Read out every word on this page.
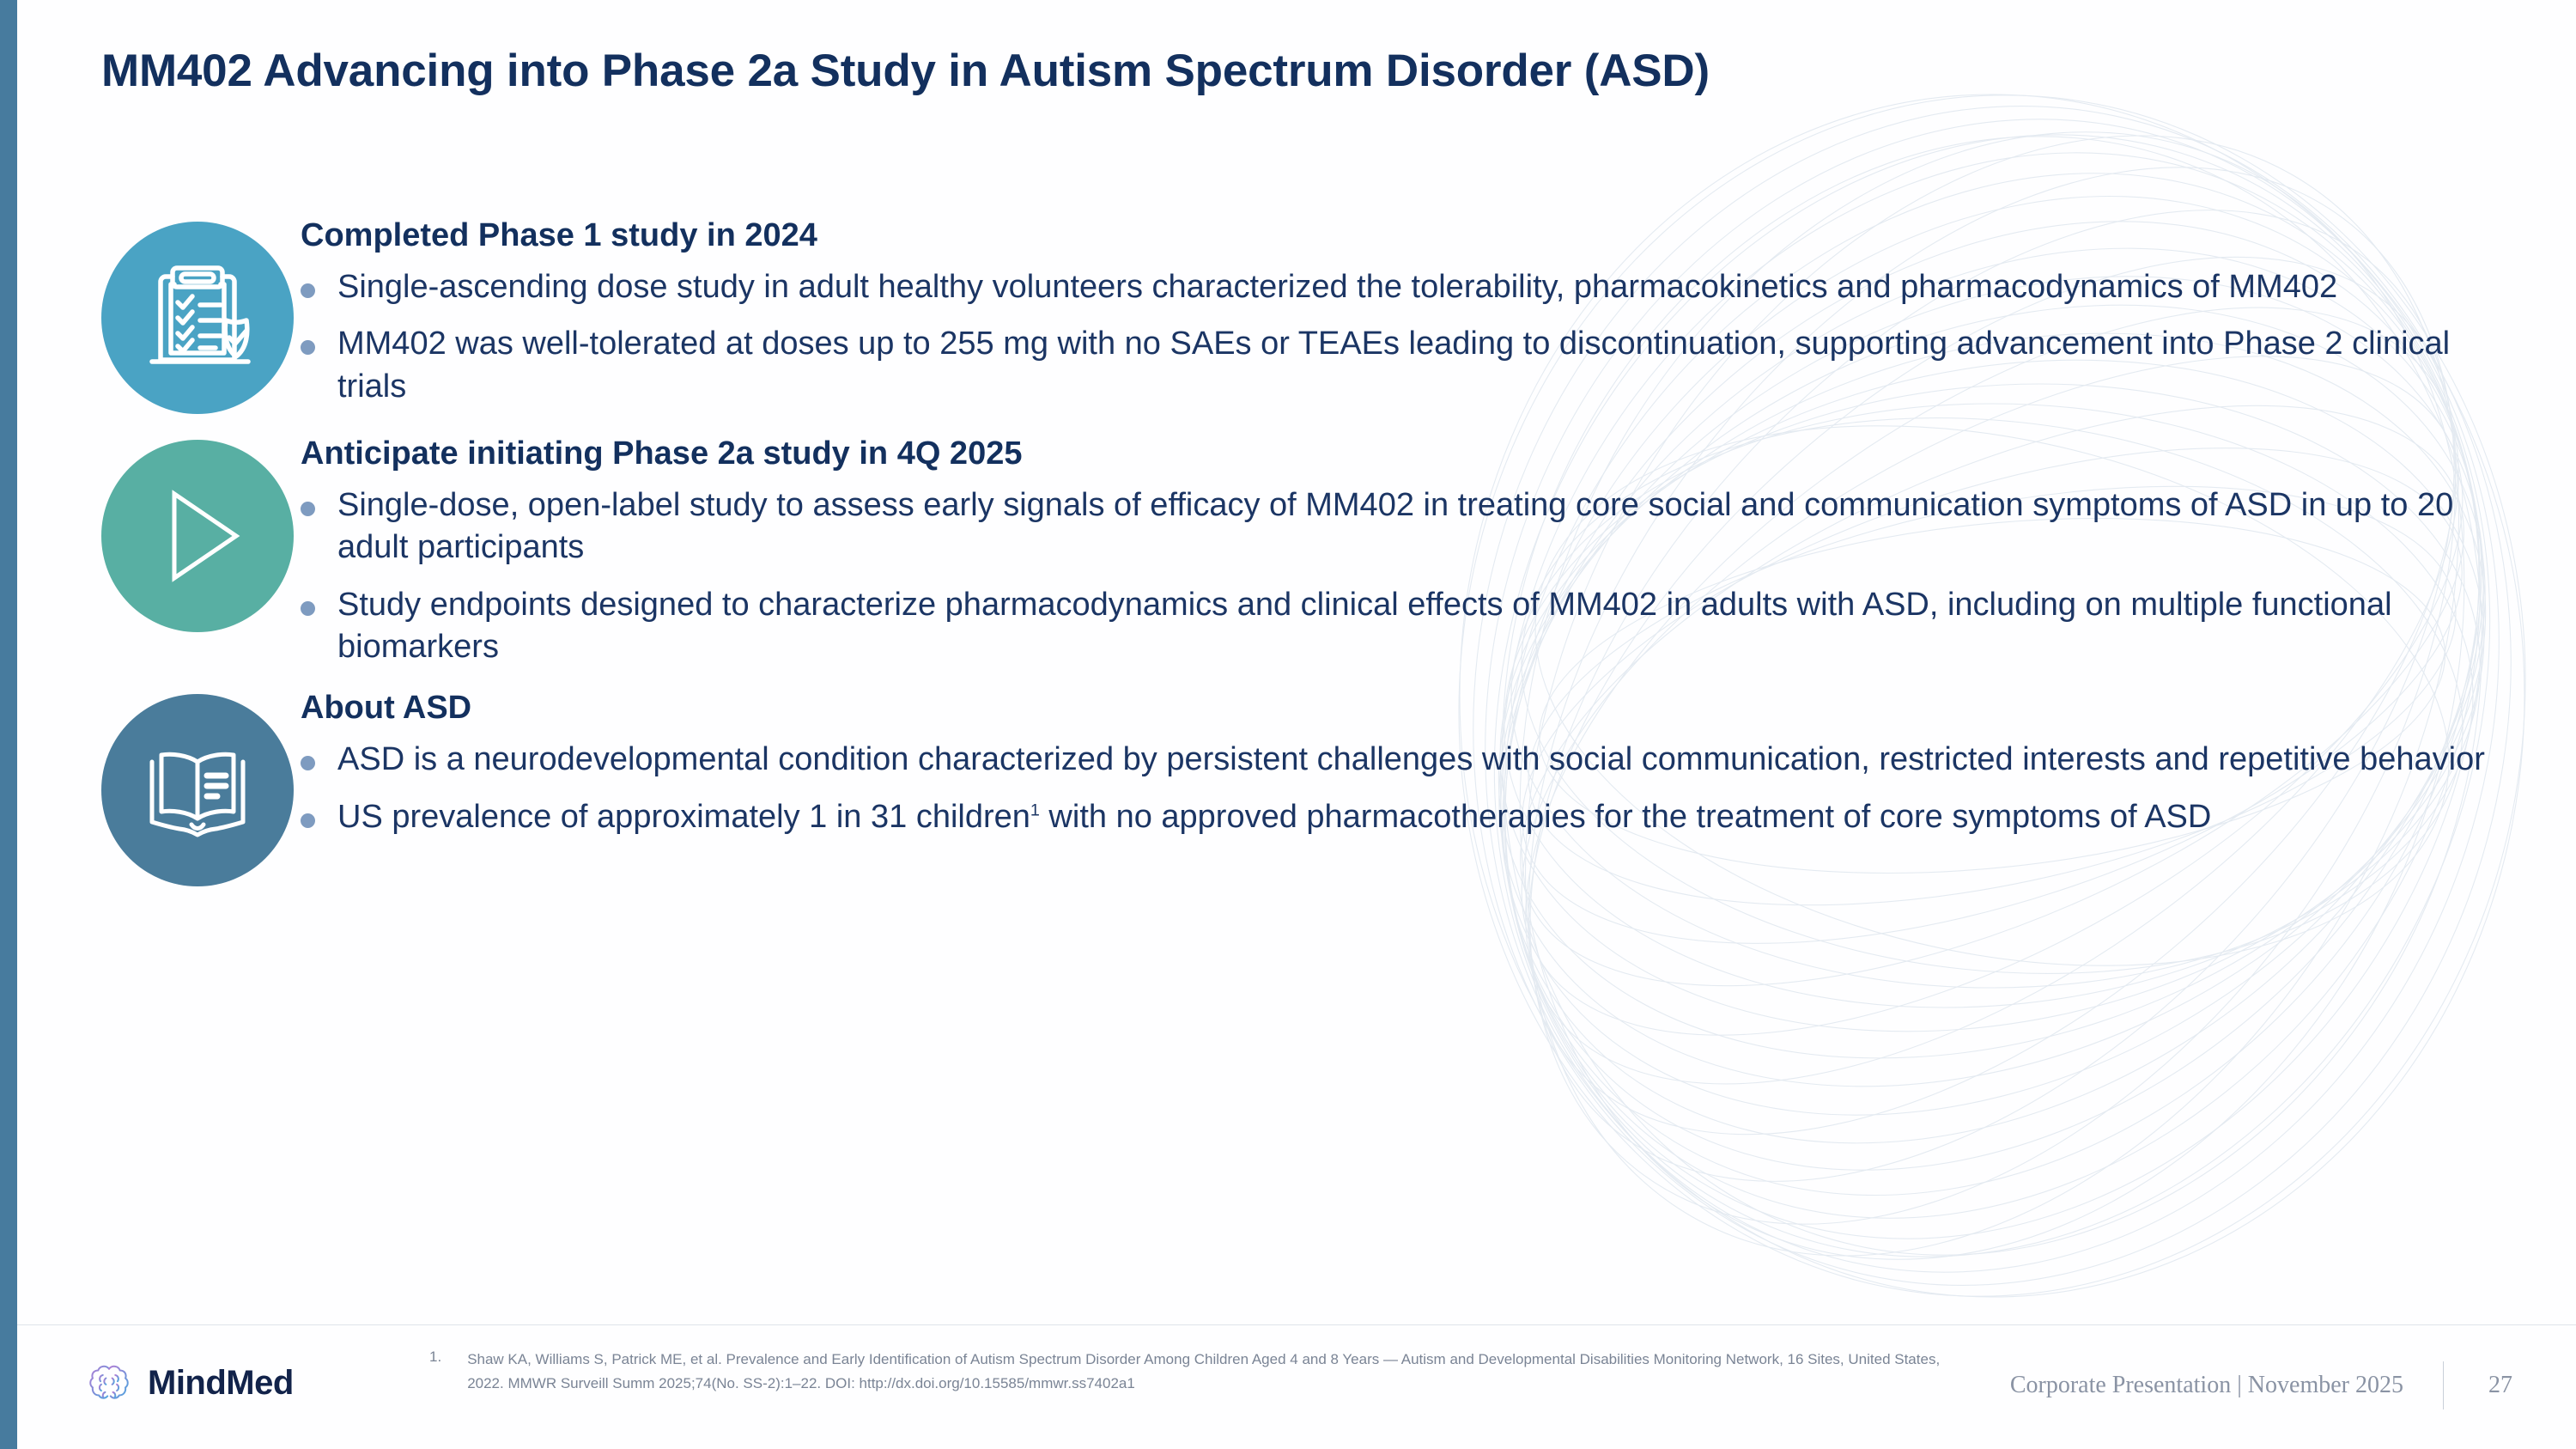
MM402 Advancing into Phase 2a Study in Autism Spectrum Disorder (ASD)
Completed Phase 1 study in 2024
Single-ascending dose study in adult healthy volunteers characterized the tolerability, pharmacokinetics and pharmacodynamics of MM402
MM402 was well-tolerated at doses up to 255 mg with no SAEs or TEAEs leading to discontinuation, supporting advancement into Phase 2 clinical trials
Anticipate initiating Phase 2a study in 4Q 2025
Single-dose, open-label study to assess early signals of efficacy of MM402 in treating core social and communication symptoms of ASD in up to 20 adult participants
Study endpoints designed to characterize pharmacodynamics and clinical effects of MM402 in adults with ASD, including on multiple functional biomarkers
About ASD
ASD is a neurodevelopmental condition characterized by persistent challenges with social communication, restricted interests and repetitive behavior
US prevalence of approximately 1 in 31 children$^1$ with no approved pharmacotherapies for the treatment of core symptoms of ASD
MindMed
1. Shaw KA, Williams S, Patrick ME, et al. Prevalence and Early Identification of Autism Spectrum Disorder Among Children Aged 4 and 8 Years — Autism and Developmental Disabilities Monitoring Network, 16 Sites, United States, 2022. MMWR Surveill Summ 2025;74(No. SS-2):1–22. DOI: http://dx.doi.org/10.15585/mmwr.ss7402a1	Corporate Presentation | November 2025	27
